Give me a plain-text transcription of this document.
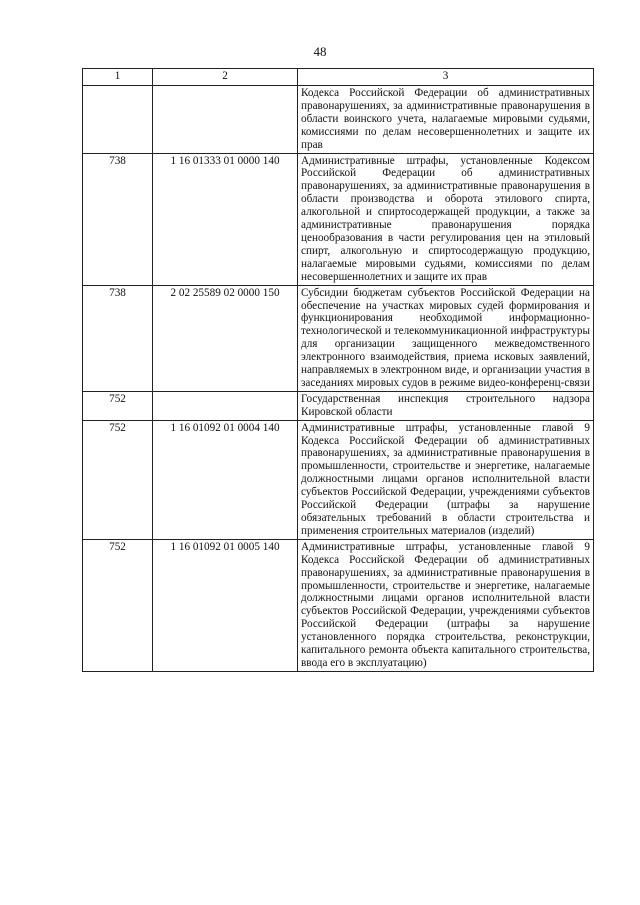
48
1	2	3
		Кодекса Российской Федерации об административных правонарушениях, за административные правонарушения в области воинского учета, налагаемые мировыми судьями, комиссиями по делам несовершеннолетних и защите их прав
738	1 16 01333 01 0000 140	Административные штрафы, установленные Кодексом Российской Федерации об административных правонарушениях, за административные правонарушения в области производства и оборота этилового спирта, алкогольной и спиртосодержащей продукции, а также за административные правонарушения порядка ценообразования в части регулирования цен на этиловый спирт, алкогольную и спиртосодержащую продукцию, налагаемые мировыми судьями, комиссиями по делам несовершеннолетних и защите их прав
738	2 02 25589 02 0000 150	Субсидии бюджетам субъектов Российской Федерации на обеспечение на участках мировых судей формирования и функционирования необходимой информационно-технологической и телекоммуникационной инфраструктуры для организации защищенного межведомственного электронного взаимодействия, приема исковых заявлений, направляемых в электронном виде, и организации участия в заседаниях мировых судов в режиме видео-конференц-связи
752		Государственная инспекция строительного надзора Кировской области
752	1 16 01092 01 0004 140	Административные штрафы, установленные главой 9 Кодекса Российской Федерации об административных правонарушениях, за административные правонарушения в промышленности, строительстве и энергетике, налагаемые должностными лицами органов исполнительной власти субъектов Российской Федерации, учреждениями субъектов Российской Федерации (штрафы за нарушение обязательных требований в области строительства и применения строительных материалов (изделий)
752	1 16 01092 01 0005 140	Административные штрафы, установленные главой 9 Кодекса Российской Федерации об административных правонарушениях, за административные правонарушения в промышленности, строительстве и энергетике, налагаемые должностными лицами органов исполнительной власти субъектов Российской Федерации, учреждениями субъектов Российской Федерации (штрафы за нарушение установленного порядка строительства, реконструкции, капитального ремонта объекта капитального строительства, ввода его в эксплуатацию)
